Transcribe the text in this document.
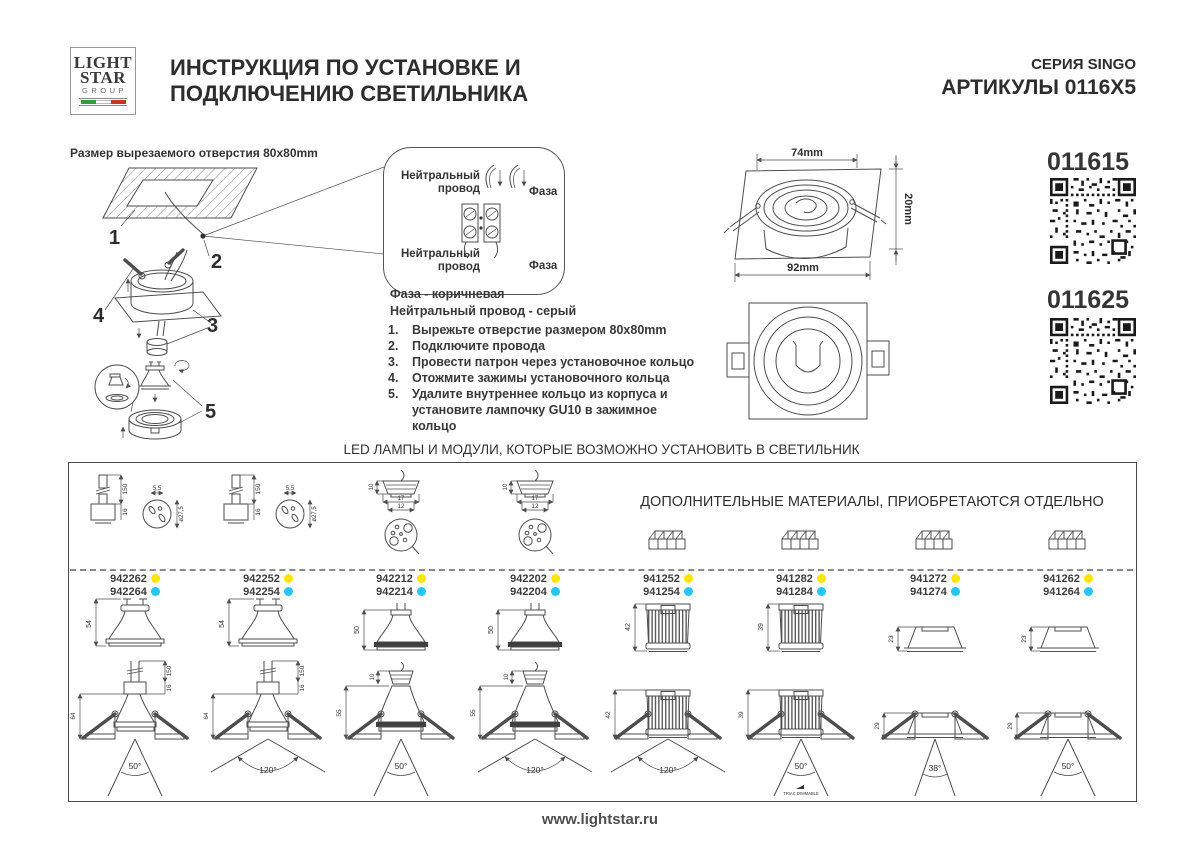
LIGHT
STAR
GROUP
ИНСТРУКЦИЯ ПО УСТАНОВКЕ И
ПОДКЛЮЧЕНИЮ СВЕТИЛЬНИКА
СЕРИЯ SINGO
АРТИКУЛЫ 0116X5
Размер вырезаемого отверстия 80x80mm
1
2
4	3
5
Нейтральный провод	Фаза
Нейтральный провод	Фаза
Фаза - коричневая
Нейтральный провод - серый
1.	Вырежьте отверстие размером 80x80mm
2.	Подключите провода
3.	Провести патрон через установочное кольцо
4.	Отожмите зажимы установочного кольца
5.	Удалите внутреннее кольцо из корпуса и установите лампочку GU10 в зажимное кольцо
74mm
20mm
92mm
011615
011625
LED ЛАМПЫ И МОДУЛИ, КОТОРЫЕ ВОЗМОЖНО УСТАНОВИТЬ В СВЕТИЛЬНИК
ДОПОЛНИТЕЛЬНЫЕ МАТЕРИАЛЫ, ПРИОБРЕТАЮТСЯ ОТДЕЛЬНО
150
16
5,5
ø27,5
942262
942264
54
64
150
16
50°
150
16
5,5
ø27,5
942252
942254
54
64
150
16
120°
10
17
12
942212
942214
50
55
10
50°
10
17
12
942202
942204
50
55
10
120°
941252
941254
42
42
120°
941282
941284
39
39
50°
TRIAC DIMMABLE
941272
941274
23
29
38°
941262
941264
23
29
50°
www.lightstar.ru
